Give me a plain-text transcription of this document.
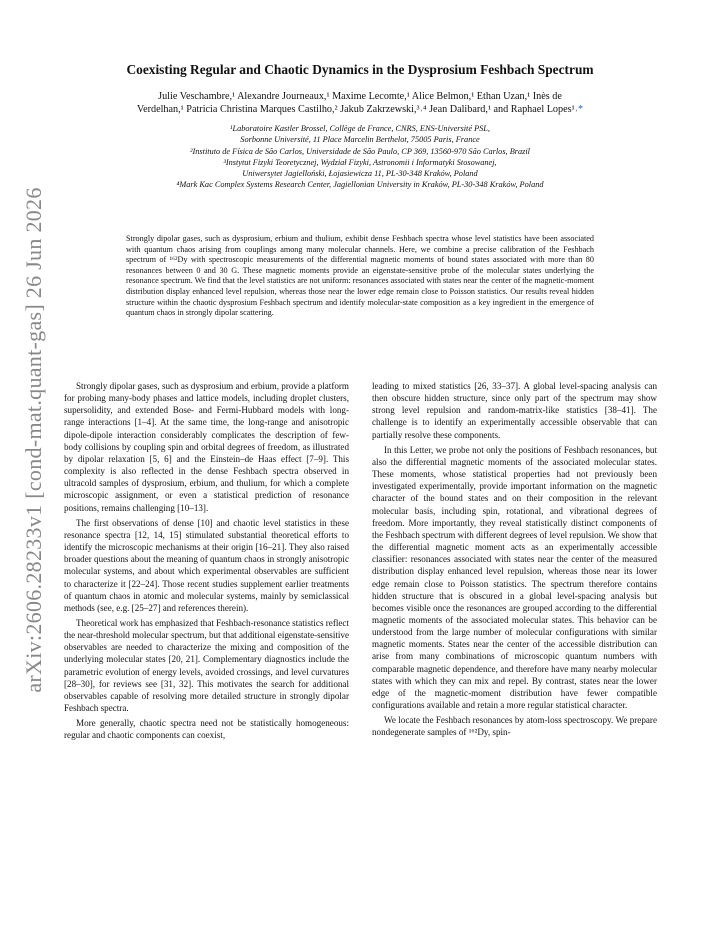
arXiv:2606.28233v1 [cond-mat.quant-gas] 26 Jun 2026
Coexisting Regular and Chaotic Dynamics in the Dysprosium Feshbach Spectrum
Julie Veschambre,¹ Alexandre Journeaux,¹ Maxime Lecomte,¹ Alice Belmon,¹ Ethan Uzan,¹ Inès de
Verdelhan,¹ Patricia Christina Marques Castilho,² Jakub Zakrzewski,³˒⁴ Jean Dalibard,¹ and Raphael Lopes¹˒*
¹Laboratoire Kastler Brossel, Collège de France, CNRS, ENS-Université PSL,
Sorbonne Université, 11 Place Marcelin Berthelot, 75005 Paris, France
²Instituto de Física de São Carlos, Universidade de São Paulo, CP 369, 13560-970 São Carlos, Brazil
³Instytut Fizyki Teoretycznej, Wydział Fizyki, Astronomii i Informatyki Stosowanej,
Uniwersytet Jagielloński, Łojasiewicza 11, PL-30-348 Kraków, Poland
⁴Mark Kac Complex Systems Research Center, Jagiellonian University in Kraków, PL-30-348 Kraków, Poland
Strongly dipolar gases, such as dysprosium, erbium and thulium, exhibit dense Feshbach spectra whose level statistics have been associated with quantum chaos arising from couplings among many molecular channels. Here, we combine a precise calibration of the Feshbach spectrum of ¹⁶²Dy with spectroscopic measurements of the differential magnetic moments of bound states associated with more than 80 resonances between 0 and 30 G. These magnetic moments provide an eigenstate-sensitive probe of the molecular states underlying the resonance spectrum. We find that the level statistics are not uniform: resonances associated with states near the center of the magnetic-moment distribution display enhanced level repulsion, whereas those near the lower edge remain close to Poisson statistics. Our results reveal hidden structure within the chaotic dysprosium Feshbach spectrum and identify molecular-state composition as a key ingredient in the emergence of quantum chaos in strongly dipolar scattering.

Strongly dipolar gases, such as dysprosium and erbium, provide a platform for probing many-body phases and lattice models, including droplet clusters, supersolidity, and extended Bose- and Fermi-Hubbard models with long-range interactions [1–4]. At the same time, the long-range and anisotropic dipole-dipole interaction considerably complicates the description of few-body collisions by coupling spin and orbital degrees of freedom, as illustrated by dipolar relaxation [5, 6] and the Einstein–de Haas effect [7–9]. This complexity is also reflected in the dense Feshbach spectra observed in ultracold samples of dysprosium, erbium, and thulium, for which a complete microscopic assignment, or even a statistical prediction of resonance positions, remains challenging [10–13].

The first observations of dense [10] and chaotic level statistics in these resonance spectra [12, 14, 15] stimulated substantial theoretical efforts to identify the microscopic mechanisms at their origin [16–21]. They also raised broader questions about the meaning of quantum chaos in strongly anisotropic molecular systems, and about which experimental observables are sufficient to characterize it [22–24]. Those recent studies supplement earlier treatments of quantum chaos in atomic and molecular systems, mainly by semiclassical methods (see, e.g. [25–27] and references therein).

Theoretical work has emphasized that Feshbach-resonance statistics reflect the near-threshold molecular spectrum, but that additional eigenstate-sensitive observables are needed to characterize the mixing and composition of the underlying molecular states [20, 21]. Complementary diagnostics include the parametric evolution of energy levels, avoided crossings, and level curvatures [28–30], for reviews see [31, 32]. This motivates the search for additional observables capable of resolving more detailed structure in strongly dipolar Feshbach spectra.

More generally, chaotic spectra need not be statistically homogeneous: regular and chaotic components can coexist,

leading to mixed statistics [26, 33–37]. A global level-spacing analysis can then obscure hidden structure, since only part of the spectrum may show strong level repulsion and random-matrix-like statistics [38–41]. The challenge is to identify an experimentally accessible observable that can partially resolve these components.

In this Letter, we probe not only the positions of Feshbach resonances, but also the differential magnetic moments of the associated molecular states. These moments, whose statistical properties had not previously been investigated experimentally, provide important information on the magnetic character of the bound states and on their composition in the relevant molecular basis, including spin, rotational, and vibrational degrees of freedom. More importantly, they reveal statistically distinct components of the Feshbach spectrum with different degrees of level repulsion. We show that the differential magnetic moment acts as an experimentally accessible classifier: resonances associated with states near the center of the measured distribution display enhanced level repulsion, whereas those near its lower edge remain close to Poisson statistics. The spectrum therefore contains hidden structure that is obscured in a global level-spacing analysis but becomes visible once the resonances are grouped according to the differential magnetic moments of the associated molecular states. This behavior can be understood from the large number of molecular configurations with similar magnetic moments. States near the center of the accessible distribution can arise from many combinations of microscopic quantum numbers with comparable magnetic dependence, and therefore have many nearby molecular states with which they can mix and repel. By contrast, states near the lower edge of the magnetic-moment distribution have fewer compatible configurations available and retain a more regular statistical character.

We locate the Feshbach resonances by atom-loss spectroscopy. We prepare nondegenerate samples of ¹⁶²Dy, spin-
